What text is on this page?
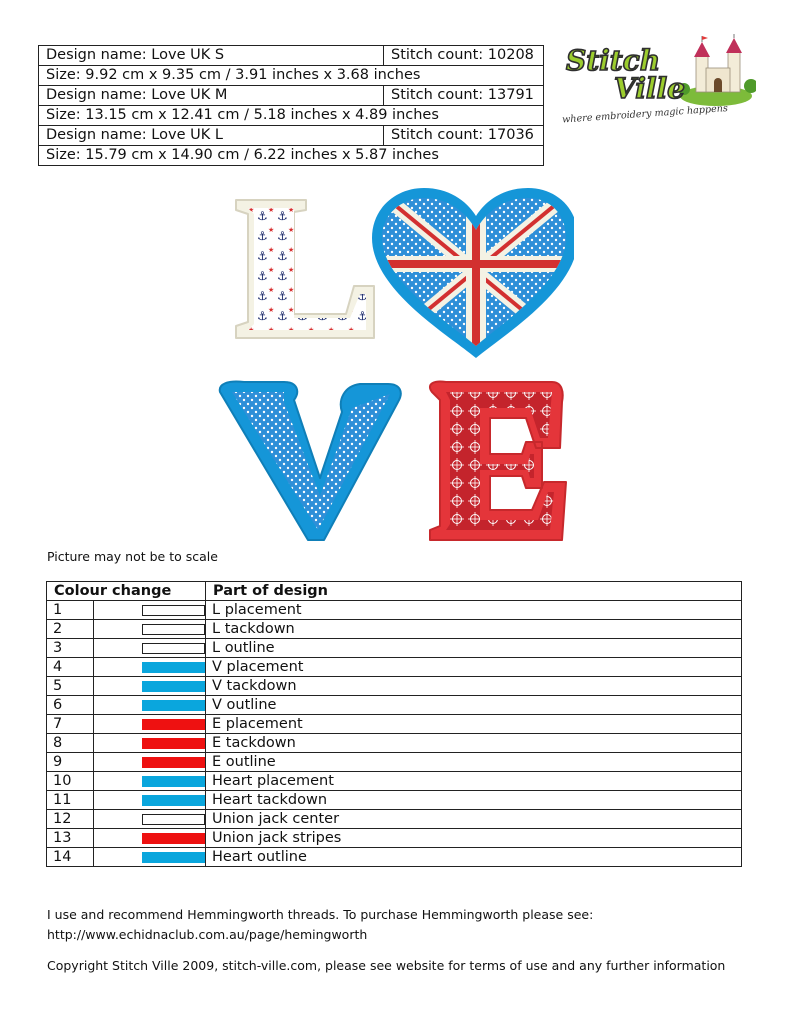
Design name: Love UK S	Stitch count: 10208
Size: 9.92 cm x 9.35 cm / 3.91 inches x 3.68 inches	
Design name: Love UK M	Stitch count: 13791
Size: 13.15 cm x 12.41 cm / 5.18 inches x 4.89 inches	
Design name: Love UK L	Stitch count: 17036
Size: 15.79 cm x 14.90 cm / 6.22 inches x 5.87 inches	
Stitch
Ville
where embroidery magic happens
Picture may not be to scale
Colour change		Part of design
1		L placement
2		L tackdown
3		L outline
4		V placement
5		V tackdown
6		V outline
7		E placement
8		E tackdown
9		E outline
10		Heart placement
11		Heart tackdown
12		Union jack center
13		Union jack stripes
14		Heart outline
I use and recommend Hemmingworth threads. To purchase Hemmingworth please see:
http://www.echidnaclub.com.au/page/hemingworth
Copyright Stitch Ville 2009, stitch-ville.com, please see website for terms of use and any further information
